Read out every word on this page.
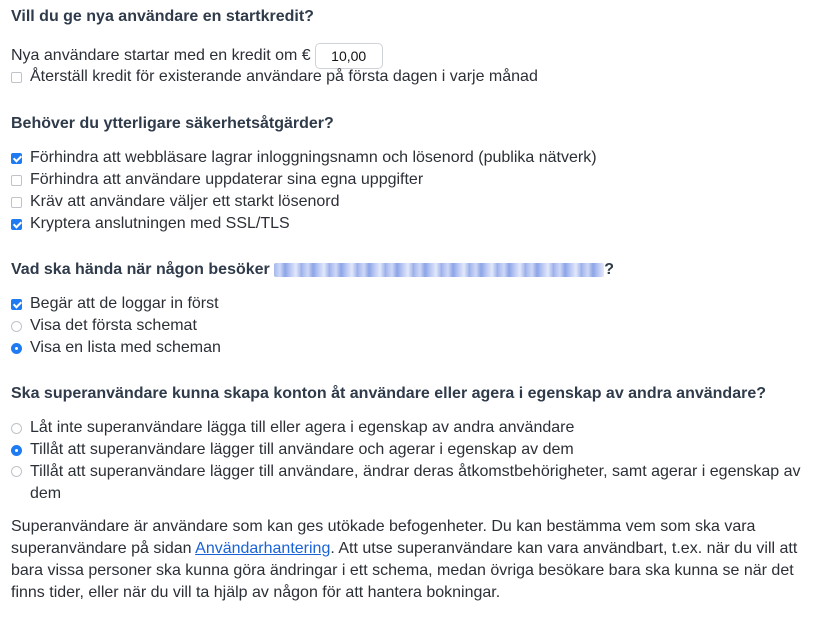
Vill du ge nya användare en startkredit?
Nya användare startar med en kredit om €10,00
Återställ kredit för existerande användare på första dagen i varje månad
Behöver du ytterligare säkerhetsåtgärder?
Förhindra att webbläsare lagrar inloggningsnamn och lösenord (publika nätverk)
Förhindra att användare uppdaterar sina egna uppgifter
Kräv att användare väljer ett starkt lösenord
Kryptera anslutningen med SSL/TLS
Vad ska hända när någon besöker	?
Begär att de loggar in först
Visa det första schemat
Visa en lista med scheman
Ska superanvändare kunna skapa konton åt användare eller agera i egenskap av andra användare?
Låt inte superanvändare lägga till eller agera i egenskap av andra användare
Tillåt att superanvändare lägger till användare och agerar i egenskap av dem
Tillåt att superanvändare lägger till användare, ändrar deras åtkomstbehörigheter, samt agerar i egenskap av dem
Superanvändare är användare som kan ges utökade befogenheter. Du kan bestämma vem som ska vara superanvändare på sidan Användarhantering. Att utse superanvändare kan vara användbart, t.ex. när du vill att bara vissa personer ska kunna göra ändringar i ett schema, medan övriga besökare bara ska kunna se när det finns tider, eller när du vill ta hjälp av någon för att hantera bokningar.
